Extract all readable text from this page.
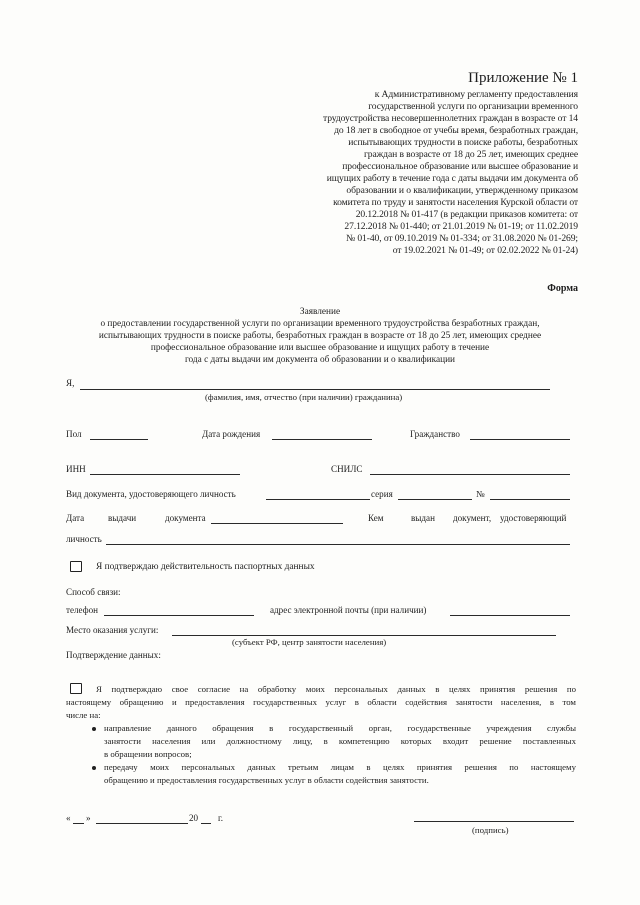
Приложение № 1
к Административному регламенту предоставления
государственной услуги по организации временного
трудоустройства несовершеннолетних граждан в возрасте от 14
до 18 лет в свободное от учебы время, безработных граждан,
испытывающих трудности в поиске работы, безработных
граждан в возрасте от 18 до 25 лет, имеющих среднее
профессиональное образование или высшее образование и
ищущих работу в течение года с даты выдачи им документа об
образовании и о квалификации, утвержденному приказом
комитета по труду и занятости населения Курской области от
20.12.2018 № 01-417 (в редакции приказов комитета: от
27.12.2018 № 01-440; от 21.01.2019 № 01-19; от 11.02.2019
№ 01-40, от 09.10.2019 № 01-334; от 31.08.2020 № 01-269;
от 19.02.2021 № 01-49; от 02.02.2022 № 01-24)
Форма
Заявление
о предоставлении государственной услуги по организации временного трудоустройства безработных граждан,
испытывающих трудности в поиске работы, безработных граждан в возрасте от 18 до 25 лет, имеющих среднее
профессиональное образование или высшее образование и ищущих работу в течение
года с даты выдачи им документа об образовании и о квалификации
Я,
(фамилия, имя, отчество (при наличии) гражданина)
Пол	Дата рождения	Гражданство
ИНН	СНИЛС
Вид документа, удостоверяющего личность	серия	№
Дата	выдачи	документа	Кем	выдан документ, удостоверяющий
личность
Я подтверждаю действительность паспортных данных
Способ связи:
телефон	адрес электронной почты (при наличии)
Место оказания услуги:
(субъект РФ, центр занятости населения)
Подтверждение данных:
Я подтверждаю свое согласие на обработку моих персональных данных в целях принятия решения по
настоящему обращению и предоставления государственных услуг в области содействия занятости населения, в том
числе на:
направление данного обращения в государственный орган, государственные учреждения службы
занятости населения или должностному лицу, в компетенцию которых входит решение поставленных
в обращении вопросов;
передачу моих персональных данных третьим лицам в целях принятия решения по настоящему
обращению и предоставления государственных услуг в области содействия занятости.
« »	20 г.
(подпись)
